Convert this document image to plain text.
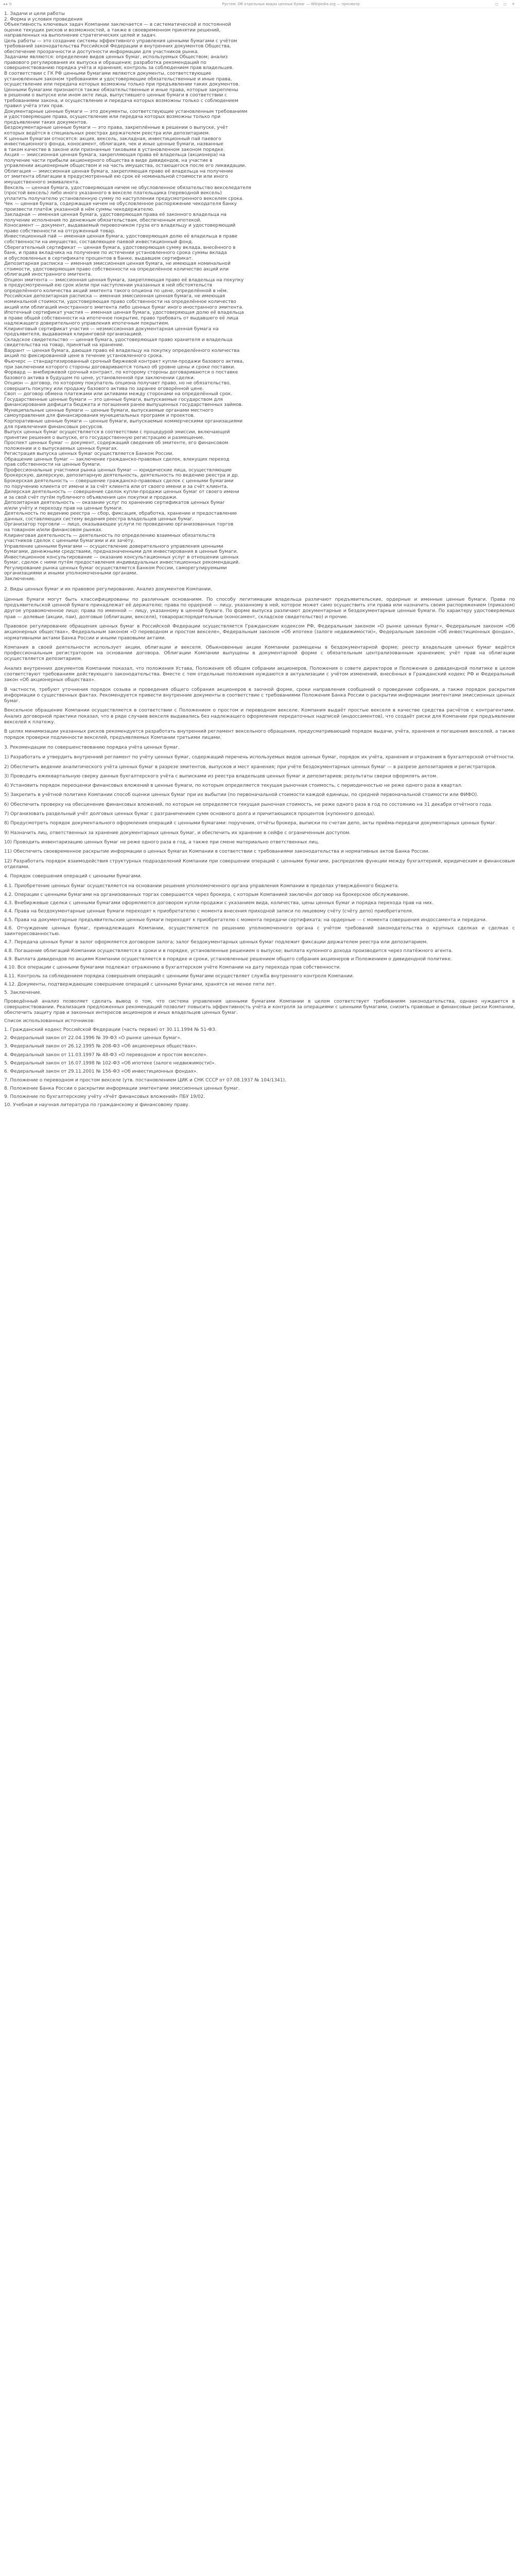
◂ ▸ ↻	Рустем. Об отдельных видах ценных бумаг — Wikipedia.org — просмотр	◻ ◻ ✕
1. Задачи и цели работы
2. Форма и условия проведения
Объективность ключевых задач Компании заключается — в систематической и постоянной
оценке текущих рисков и возможностей, а также в своевременном принятии решений,
направленных на выполнение стратегических целей и задач.
Цель работы — это создание системы эффективного управления ценными бумагами с учётом
требований законодательства Российской Федерации и внутренних документов Общества,
обеспечение прозрачности и доступности информации для участников рынка.
Задачами являются: определение видов ценных бумаг, используемых Обществом; анализ
правового регулирования их выпуска и обращения; разработка рекомендаций по
совершенствованию порядка учёта и хранения; контроль за соблюдением прав владельцев.
В соответствии с ГК РФ ценными бумагами являются документы, соответствующие
установленным законом требованиям и удостоверяющие обязательственные и иные права,
осуществление или передача которых возможны только при предъявлении таких документов.
Ценными бумагами признаются также обязательственные и иные права, которые закреплены
в решении о выпуске или ином акте лица, выпустившего ценные бумаги в соответствии с
требованиями закона, и осуществление и передача которых возможны только с соблюдением
правил учёта этих прав.
Документарные ценные бумаги — это документы, соответствующие установленным требованиям
и удостоверяющие права, осуществление или передача которых возможны только при
предъявлении таких документов.
Бездокументарные ценные бумаги — это права, закреплённые в решении о выпуске, учёт
которых ведётся в специальных реестрах держателем реестра или депозитарием.
К ценным бумагам относятся: акция, вексель, закладная, инвестиционный пай паевого
инвестиционного фонда, коносамент, облигация, чек и иные ценные бумаги, названные
в таком качестве в законе или признанные таковыми в установленном законом порядке.
Акция — эмиссионная ценная бумага, закрепляющая права её владельца (акционера) на
получение части прибыли акционерного общества в виде дивидендов, на участие в
управлении акционерным обществом и на часть имущества, остающегося после его ликвидации.
Облигация — эмиссионная ценная бумага, закрепляющая право её владельца на получение
от эмитента облигации в предусмотренный ею срок её номинальной стоимости или иного
имущественного эквивалента.
Вексель — ценная бумага, удостоверяющая ничем не обусловленное обязательство векселедателя
(простой вексель) либо иного указанного в векселе плательщика (переводной вексель)
уплатить получателю установленную сумму по наступлении предусмотренного векселем срока.
Чек — ценная бумага, содержащая ничем не обусловленное распоряжение чекодателя банку
произвести платёж указанной в нём суммы чекодержателю.
Закладная — именная ценная бумага, удостоверяющая права её законного владельца на
получение исполнения по денежным обязательствам, обеспеченным ипотекой.
Коносамент — документ, выдаваемый перевозчиком груза его владельцу и удостоверяющий
право собственности на отгруженный товар.
Инвестиционный пай — именная ценная бумага, удостоверяющая долю её владельца в праве
собственности на имущество, составляющее паевой инвестиционный фонд.
Сберегательный сертификат — ценная бумага, удостоверяющая сумму вклада, внесённого в
банк, и права вкладчика на получение по истечении установленного срока суммы вклада
и обусловленных в сертификате процентов в банке, выдавшем сертификат.
Депозитарная расписка — именная эмиссионная ценная бумага, не имеющая номинальной
стоимости, удостоверяющая право собственности на определённое количество акций или
облигаций иностранного эмитента.
Опцион эмитента — эмиссионная ценная бумага, закрепляющая право её владельца на покупку
в предусмотренный ею срок и/или при наступлении указанных в ней обстоятельств
определённого количества акций эмитента такого опциона по цене, определённой в нём.
Российская депозитарная расписка — именная эмиссионная ценная бумага, не имеющая
номинальной стоимости, удостоверяющая право собственности на определённое количество
акций или облигаций иностранного эмитента либо ценных бумаг иного иностранного эмитента.
Ипотечный сертификат участия — именная ценная бумага, удостоверяющая долю её владельца
в праве общей собственности на ипотечное покрытие, право требовать от выдавшего её лица
надлежащего доверительного управления ипотечным покрытием.
Клиринговый сертификат участия — неэмиссионная документарная ценная бумага на
предъявителя, выдаваемая клиринговой организацией.
Складское свидетельство — ценная бумага, удостоверяющая право хранителя и владельца
свидетельства на товар, принятый на хранение.
Варрант — ценная бумага, дающая право её владельцу на покупку определённого количества
акций по фиксированной цене в течение установленного срока.
Фьючерс — стандартизированный срочный биржевой контракт купли-продажи базового актива,
при заключении которого стороны договариваются только об уровне цены и сроке поставки.
Форвард — внебиржевой срочный контракт, по которому стороны договариваются о поставке
базового актива в будущем по цене, установленной при заключении сделки.
Опцион — договор, по которому покупатель опциона получает право, но не обязательство,
совершить покупку или продажу базового актива по заранее оговорённой цене.
Своп — договор обмена платежами или активами между сторонами на определённый срок.
Государственные ценные бумаги — это ценные бумаги, выпускаемые государством для
финансирования дефицита бюджета и погашения ранее выпущенных государственных займов.
Муниципальные ценные бумаги — ценные бумаги, выпускаемые органами местного
самоуправления для финансирования муниципальных программ и проектов.
Корпоративные ценные бумаги — ценные бумаги, выпускаемые коммерческими организациями
для привлечения финансовых ресурсов.
Выпуск ценных бумаг осуществляется в соответствии с процедурой эмиссии, включающей
принятие решения о выпуске, его государственную регистрацию и размещение.
Проспект ценных бумаг — документ, содержащий сведения об эмитенте, его финансовом
положении и о выпускаемых ценных бумагах.
Регистрация выпуска ценных бумаг осуществляется Банком России.
Обращение ценных бумаг — заключение гражданско-правовых сделок, влекущих переход
прав собственности на ценные бумаги.
Профессиональные участники рынка ценных бумаг — юридические лица, осуществляющие
брокерскую, дилерскую, депозитарную деятельность, деятельность по ведению реестра и др.
Брокерская деятельность — совершение гражданско-правовых сделок с ценными бумагами
по поручению клиента от имени и за счёт клиента или от своего имени и за счёт клиента.
Дилерская деятельность — совершение сделок купли-продажи ценных бумаг от своего имени
и за свой счёт путём публичного объявления цен покупки и продажи.
Депозитарная деятельность — оказание услуг по хранению сертификатов ценных бумаг
и/или учёту и переходу прав на ценные бумаги.
Деятельность по ведению реестра — сбор, фиксация, обработка, хранение и предоставление
данных, составляющих систему ведения реестра владельцев ценных бумаг.
Организатор торговли — лицо, оказывающее услуги по проведению организованных торгов
на товарном и/или финансовом рынках.
Клиринговая деятельность — деятельность по определению взаимных обязательств
участников сделок с ценными бумагами и их зачёту.
Управление ценными бумагами — осуществление доверительного управления ценными
бумагами, денежными средствами, предназначенными для инвестирования в ценные бумаги.
Инвестиционное консультирование — оказание консультационных услуг в отношении ценных
бумаг, сделок с ними путём предоставления индивидуальных инвестиционных рекомендаций.
Регулирование рынка ценных бумаг осуществляется Банком России, саморегулируемыми
организациями и иными уполномоченными органами.
Заключение.

2. Виды ценных бумаг и их правовое регулирование. Анализ документов Компании.

Ценные бумаги могут быть классифицированы по различным основаниям. По способу легитимации владельца различают предъявительские, ордерные и именные ценные бумаги. Права по предъявительской ценной бумаге принадлежат её держателю; права по ордерной — лицу, указанному в ней, которое может само осуществить эти права или назначить своим распоряжением (приказом) другое управомоченное лицо; права по именной — лицу, указанному в ценной бумаге. По форме выпуска различают документарные и бездокументарные ценные бумаги. По характеру удостоверяемых прав — долевые (акции, паи), долговые (облигации, векселя), товарораспорядительные (коносамент, складское свидетельство) и прочие.

Правовое регулирование обращения ценных бумаг в Российской Федерации осуществляется Гражданским кодексом РФ, Федеральным законом «О рынке ценных бумаг», Федеральным законом «Об акционерных обществах», Федеральным законом «О переводном и простом векселе», Федеральным законом «Об ипотеке (залоге недвижимости)», Федеральным законом «Об инвестиционных фондах», нормативными актами Банка России и иными правовыми актами.

Компания в своей деятельности использует акции, облигации и векселя. Обыкновенные акции Компании размещены в бездокументарной форме; реестр владельцев ценных бумаг ведётся профессиональным регистратором на основании договора. Облигации Компании выпущены в документарной форме с обязательным централизованным хранением; учёт прав на облигации осуществляется депозитарием.

Анализ внутренних документов Компании показал, что положения Устава, Положения об общем собрании акционеров, Положения о совете директоров и Положения о дивидендной политике в целом соответствуют требованиям действующего законодательства. Вместе с тем отдельные положения нуждаются в актуализации с учётом изменений, внесённых в Гражданский кодекс РФ и Федеральный закон «Об акционерных обществах».

В частности, требуют уточнения порядок созыва и проведения общего собрания акционеров в заочной форме, сроки направления сообщений о проведении собрания, а также порядок раскрытия информации о существенных фактах. Рекомендуется привести внутренние документы в соответствие с требованиями Положения Банка России о раскрытии информации эмитентами эмиссионных ценных бумаг.

Вексельное обращение Компании осуществляется в соответствии с Положением о простом и переводном векселе. Компания выдаёт простые векселя в качестве средства расчётов с контрагентами. Анализ договорной практики показал, что в ряде случаев векселя выдавались без надлежащего оформления передаточных надписей (индоссаментов), что создаёт риски для Компании при предъявлении векселей к платежу.

В целях минимизации указанных рисков рекомендуется разработать внутренний регламент вексельного обращения, предусматривающий порядок выдачи, учёта, хранения и погашения векселей, а также порядок проверки подлинности векселей, предъявляемых Компании третьими лицами.

3. Рекомендации по совершенствованию порядка учёта ценных бумаг.

1) Разработать и утвердить внутренний регламент по учёту ценных бумаг, содержащий перечень используемых видов ценных бумаг, порядок их учёта, хранения и отражения в бухгалтерской отчётности.

2) Обеспечить ведение аналитического учёта ценных бумаг в разрезе эмитентов, выпусков и мест хранения; при учёте бездокументарных ценных бумаг — в разрезе депозитариев и регистраторов.

3) Проводить ежеквартальную сверку данных бухгалтерского учёта с выписками из реестра владельцев ценных бумаг и депозитариев; результаты сверки оформлять актом.

4) Установить порядок переоценки финансовых вложений в ценные бумаги, по которым определяется текущая рыночная стоимость, с периодичностью не реже одного раза в квартал.

5) Закрепить в учётной политике Компании способ оценки ценных бумаг при их выбытии (по первоначальной стоимости каждой единицы, по средней первоначальной стоимости или ФИФО).

6) Обеспечить проверку на обесценение финансовых вложений, по которым не определяется текущая рыночная стоимость, не реже одного раза в год по состоянию на 31 декабря отчётного года.

7) Организовать раздельный учёт долговых ценных бумаг с разграничением сумм основного долга и причитающихся процентов (купонного дохода).

8) Предусмотреть порядок документального оформления операций с ценными бумагами: поручения, отчёты брокера, выписки по счетам депо, акты приёма-передачи документарных ценных бумаг.

9) Назначить лиц, ответственных за хранение документарных ценных бумаг, и обеспечить их хранение в сейфе с ограниченным доступом.

10) Проводить инвентаризацию ценных бумаг не реже одного раза в год, а также при смене материально ответственных лиц.

11) Обеспечить своевременное раскрытие информации о ценных бумагах Компании в соответствии с требованиями законодательства и нормативных актов Банка России.

12) Разработать порядок взаимодействия структурных подразделений Компании при совершении операций с ценными бумагами, распределив функции между бухгалтерией, юридическим и финансовым отделами.

4. Порядок совершения операций с ценными бумагами.

4.1. Приобретение ценных бумаг осуществляется на основании решения уполномоченного органа управления Компании в пределах утверждённого бюджета.

4.2. Операции с ценными бумагами на организованных торгах совершаются через брокера, с которым Компанией заключён договор на брокерское обслуживание.

4.3. Внебиржевые сделки с ценными бумагами оформляются договором купли-продажи с указанием вида, количества, цены ценных бумаг и порядка перехода прав на них.

4.4. Права на бездокументарные ценные бумаги переходят к приобретателю с момента внесения приходной записи по лицевому счёту (счёту депо) приобретателя.

4.5. Права на документарные предъявительские ценные бумаги переходят к приобретателю с момента передачи сертификата; на ордерные — с момента совершения индоссамента и передачи.

4.6. Отчуждение ценных бумаг, принадлежащих Компании, осуществляется по решению уполномоченного органа с учётом требований законодательства о крупных сделках и сделках с заинтересованностью.

4.7. Передача ценных бумаг в залог оформляется договором залога; залог бездокументарных ценных бумаг подлежит фиксации держателем реестра или депозитарием.

4.8. Погашение облигаций Компании осуществляется в сроки и в порядке, установленные решением о выпуске; выплата купонного дохода производится через платёжного агента.

4.9. Выплата дивидендов по акциям Компании осуществляется в порядке и сроки, установленные решением общего собрания акционеров и Положением о дивидендной политике.

4.10. Все операции с ценными бумагами подлежат отражению в бухгалтерском учёте Компании на дату перехода прав собственности.

4.11. Контроль за соблюдением порядка совершения операций с ценными бумагами осуществляет служба внутреннего контроля Компании.

4.12. Документы, подтверждающие совершение операций с ценными бумагами, хранятся не менее пяти лет.

5. Заключение.

Проведённый анализ позволяет сделать вывод о том, что система управления ценными бумагами Компании в целом соответствует требованиям законодательства, однако нуждается в совершенствовании. Реализация предложенных рекомендаций позволит повысить эффективность учёта и контроля за операциями с ценными бумагами, снизить правовые и финансовые риски Компании, обеспечить защиту прав и законных интересов акционеров и иных владельцев ценных бумаг.

Список использованных источников:

1. Гражданский кодекс Российской Федерации (часть первая) от 30.11.1994 № 51-ФЗ.

2. Федеральный закон от 22.04.1996 № 39-ФЗ «О рынке ценных бумаг».

3. Федеральный закон от 26.12.1995 № 208-ФЗ «Об акционерных обществах».

4. Федеральный закон от 11.03.1997 № 48-ФЗ «О переводном и простом векселе».

5. Федеральный закон от 16.07.1998 № 102-ФЗ «Об ипотеке (залоге недвижимости)».

6. Федеральный закон от 29.11.2001 № 156-ФЗ «Об инвестиционных фондах».

7. Положение о переводном и простом векселе (утв. постановлением ЦИК и СНК СССР от 07.08.1937 № 104/1341).

8. Положение Банка России о раскрытии информации эмитентами эмиссионных ценных бумаг.

9. Положение по бухгалтерскому учёту «Учёт финансовых вложений» ПБУ 19/02.

10. Учебная и научная литература по гражданскому и финансовому праву.
